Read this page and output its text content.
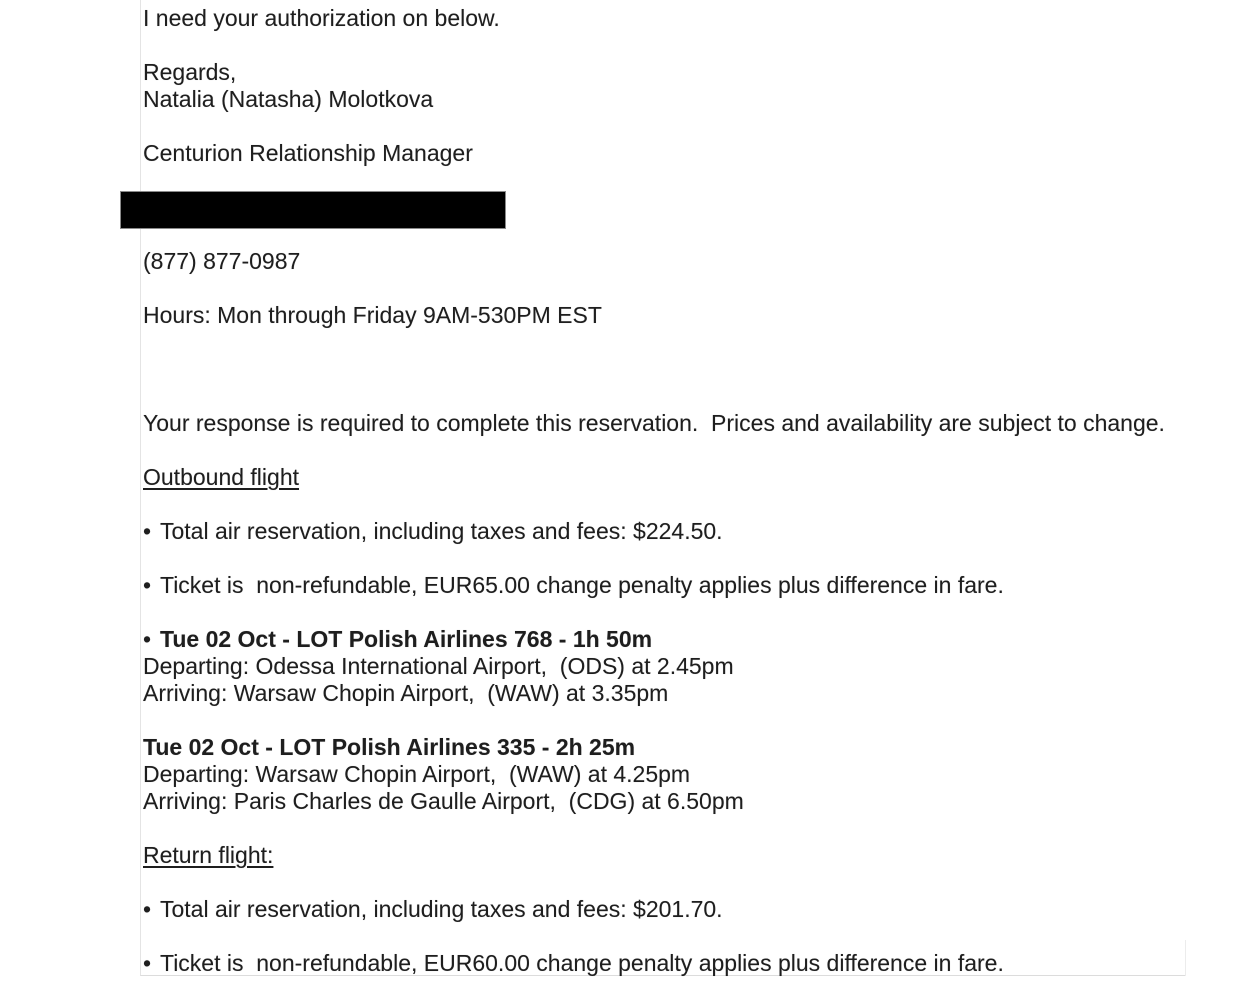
I need your authorization on below.

Regards,

Natalia (Natasha) Molotkova

Centurion Relationship Manager

(877) 877-0987

Hours: Mon through Friday 9AM-530PM EST

Your response is required to complete this reservation.  Prices and availability are subject to change.

Outbound flight

• Total air reservation, including taxes and fees: $224.50.

• Ticket is  non-refundable, EUR65.00 change penalty applies plus difference in fare.

• Tue 02 Oct - LOT Polish Airlines 768 - 1h 50m

Departing: Odessa International Airport,  (ODS) at 2.45pm

Arriving: Warsaw Chopin Airport,  (WAW) at 3.35pm

Tue 02 Oct - LOT Polish Airlines 335 - 2h 25m

Departing: Warsaw Chopin Airport,  (WAW) at 4.25pm

Arriving: Paris Charles de Gaulle Airport,  (CDG) at 6.50pm

Return flight:

• Total air reservation, including taxes and fees: $201.70.

• Ticket is  non-refundable, EUR60.00 change penalty applies plus difference in fare.
